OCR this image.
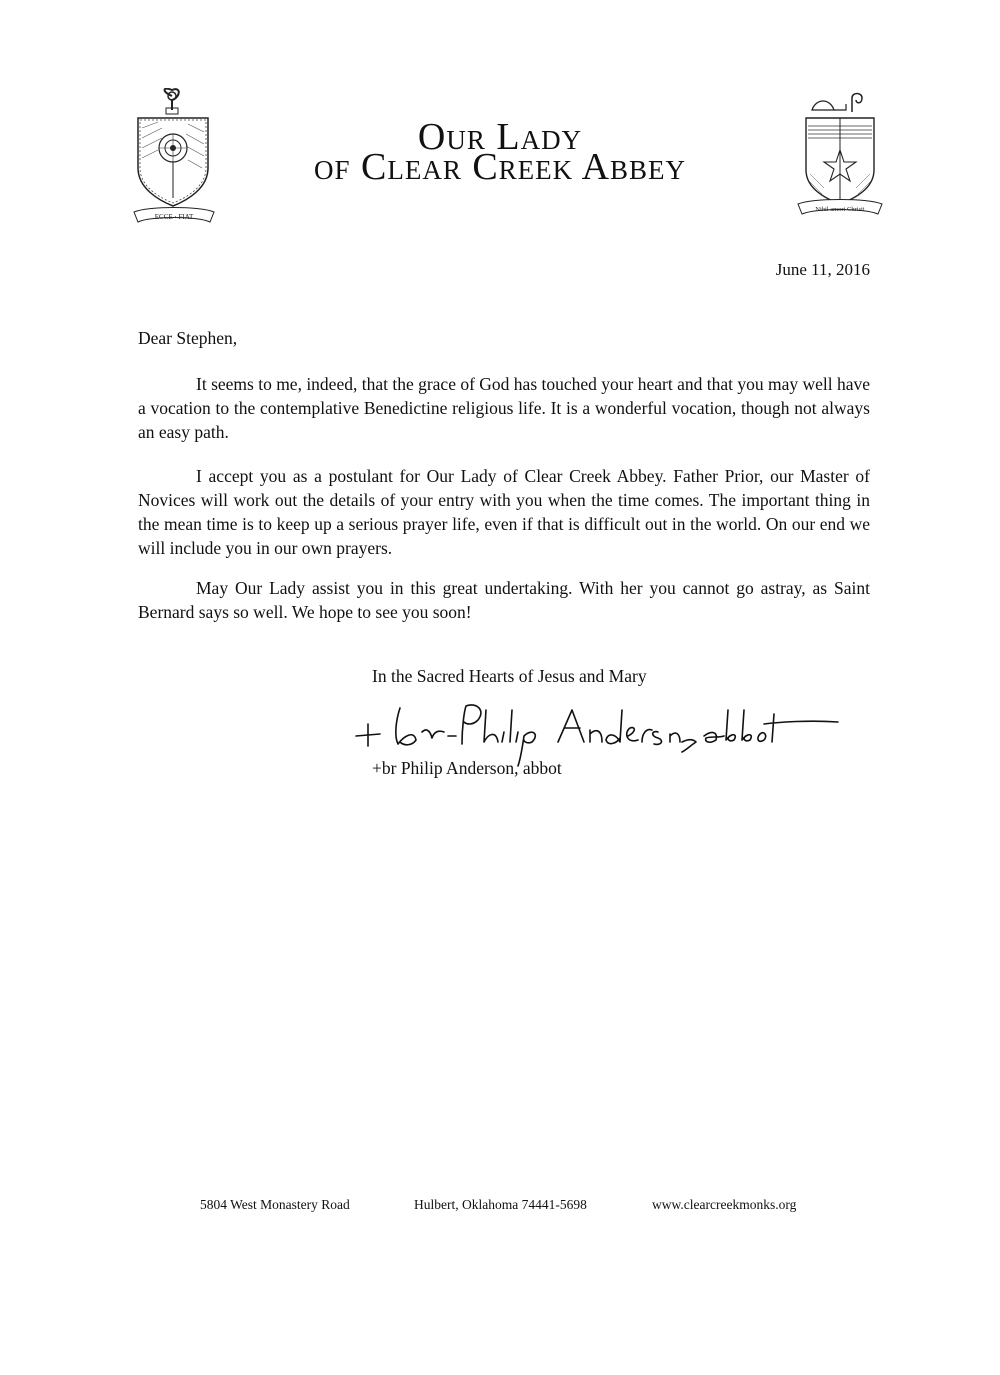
ECCE · FIAT
Our Lady
of Clear Creek Abbey
Nihil amori Christi
June 11, 2016
Dear Stephen,

It seems to me, indeed, that the grace of God has touched your heart and that you may well have a vocation to the contemplative Benedictine religious life. It is a wonderful vocation, though not always an easy path.

I accept you as a postulant for Our Lady of Clear Creek Abbey. Father Prior, our Master of Novices will work out the details of your entry with you when the time comes. The important thing in the mean time is to keep up a serious prayer life, even if that is difficult out in the world. On our end we will include you in our own prayers.

May Our Lady assist you in this great undertaking. With her you cannot go astray, as Saint Bernard says so well. We hope to see you soon!

In the Sacred Hearts of Jesus and Mary
+br Philip Anderson, abbot
5804 West Monastery Road	Hulbert, Oklahoma 74441-5698	www.clearcreekmonks.org
